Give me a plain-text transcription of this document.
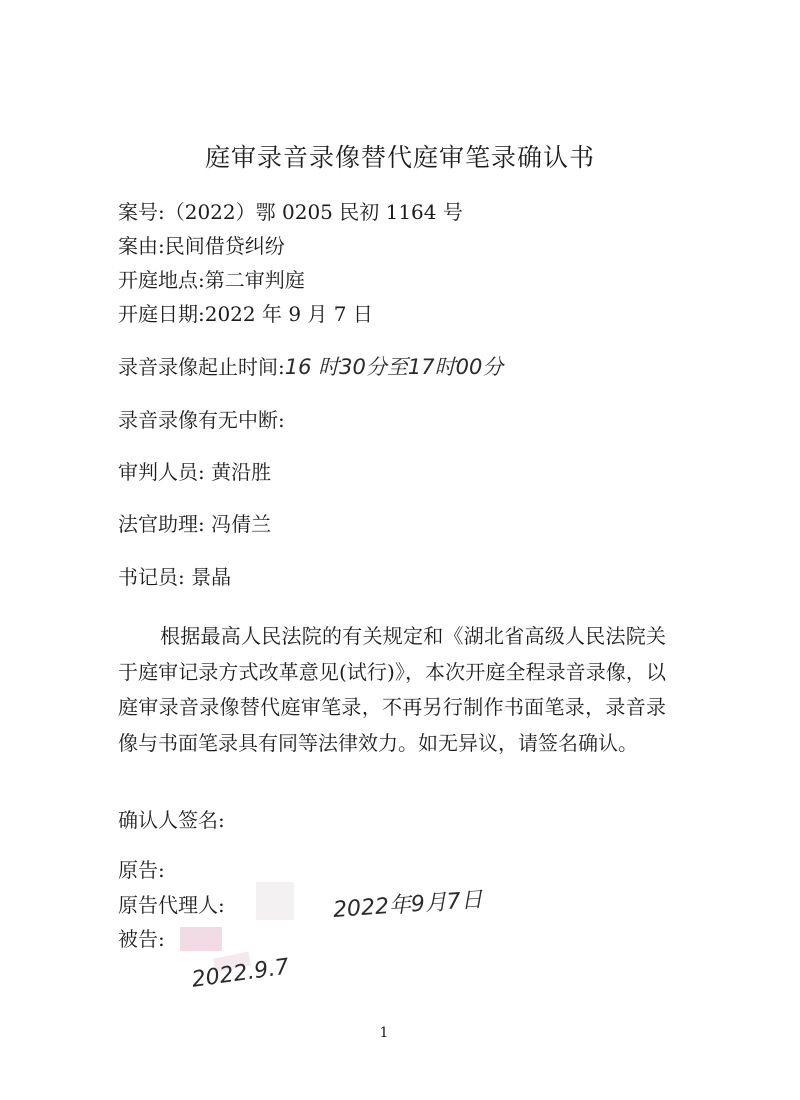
庭审录音录像替代庭审笔录确认书
案号:（2022）鄂 0205 民初 1164 号
案由:民间借贷纠纷
开庭地点:第二审判庭
开庭日期:2022 年 9 月 7 日
录音录像起止时间:16 时30分至17时00分
录音录像有无中断:
审判人员: 黄沿胜
法官助理: 冯倩兰
书记员: 景晶
根据最高人民法院的有关规定和《湖北省高级人民法院关于庭审记录方式改革意见(试行)》，本次开庭全程录音录像，以庭审录音录像替代庭审笔录，不再另行制作书面笔录，录音录像与书面笔录具有同等法律效力。如无异议，请签名确认。
确认人签名:
原告:
原告代理人:
被告:
2022年9月7日
2022.9.7
1
